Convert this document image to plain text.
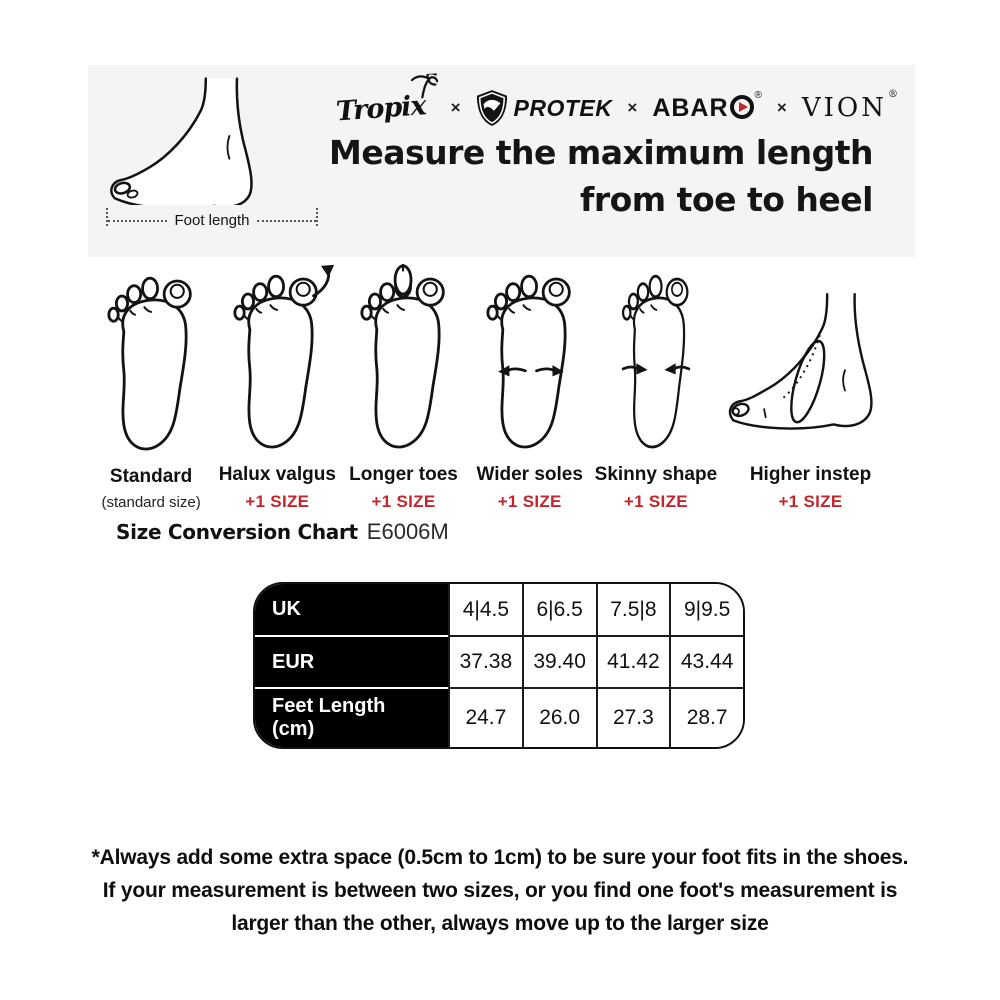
Foot length
Tropix	× PROTEK × ABAR	®
× VION ®
Measure the maximum length
from toe to heel
Standard
(standard size)
Halux valgus
+1 SIZE
Longer toes
+1 SIZE
Wider soles
+1 SIZE
Skinny shape
+1 SIZE
Higher instep
+1 SIZE
Size Conversion Chart E6006M
UK	4|4.5	6|6.5	7.5|8	9|9.5
EUR	37.38	39.40	41.42	43.44
Feet Length (cm)	24.7	26.0	27.3	28.7
*Always add some extra space (0.5cm to 1cm) to be sure your foot fits in the shoes.
If your measurement is between two sizes, or you find one foot's measurement is
larger than the other, always move up to the larger size
